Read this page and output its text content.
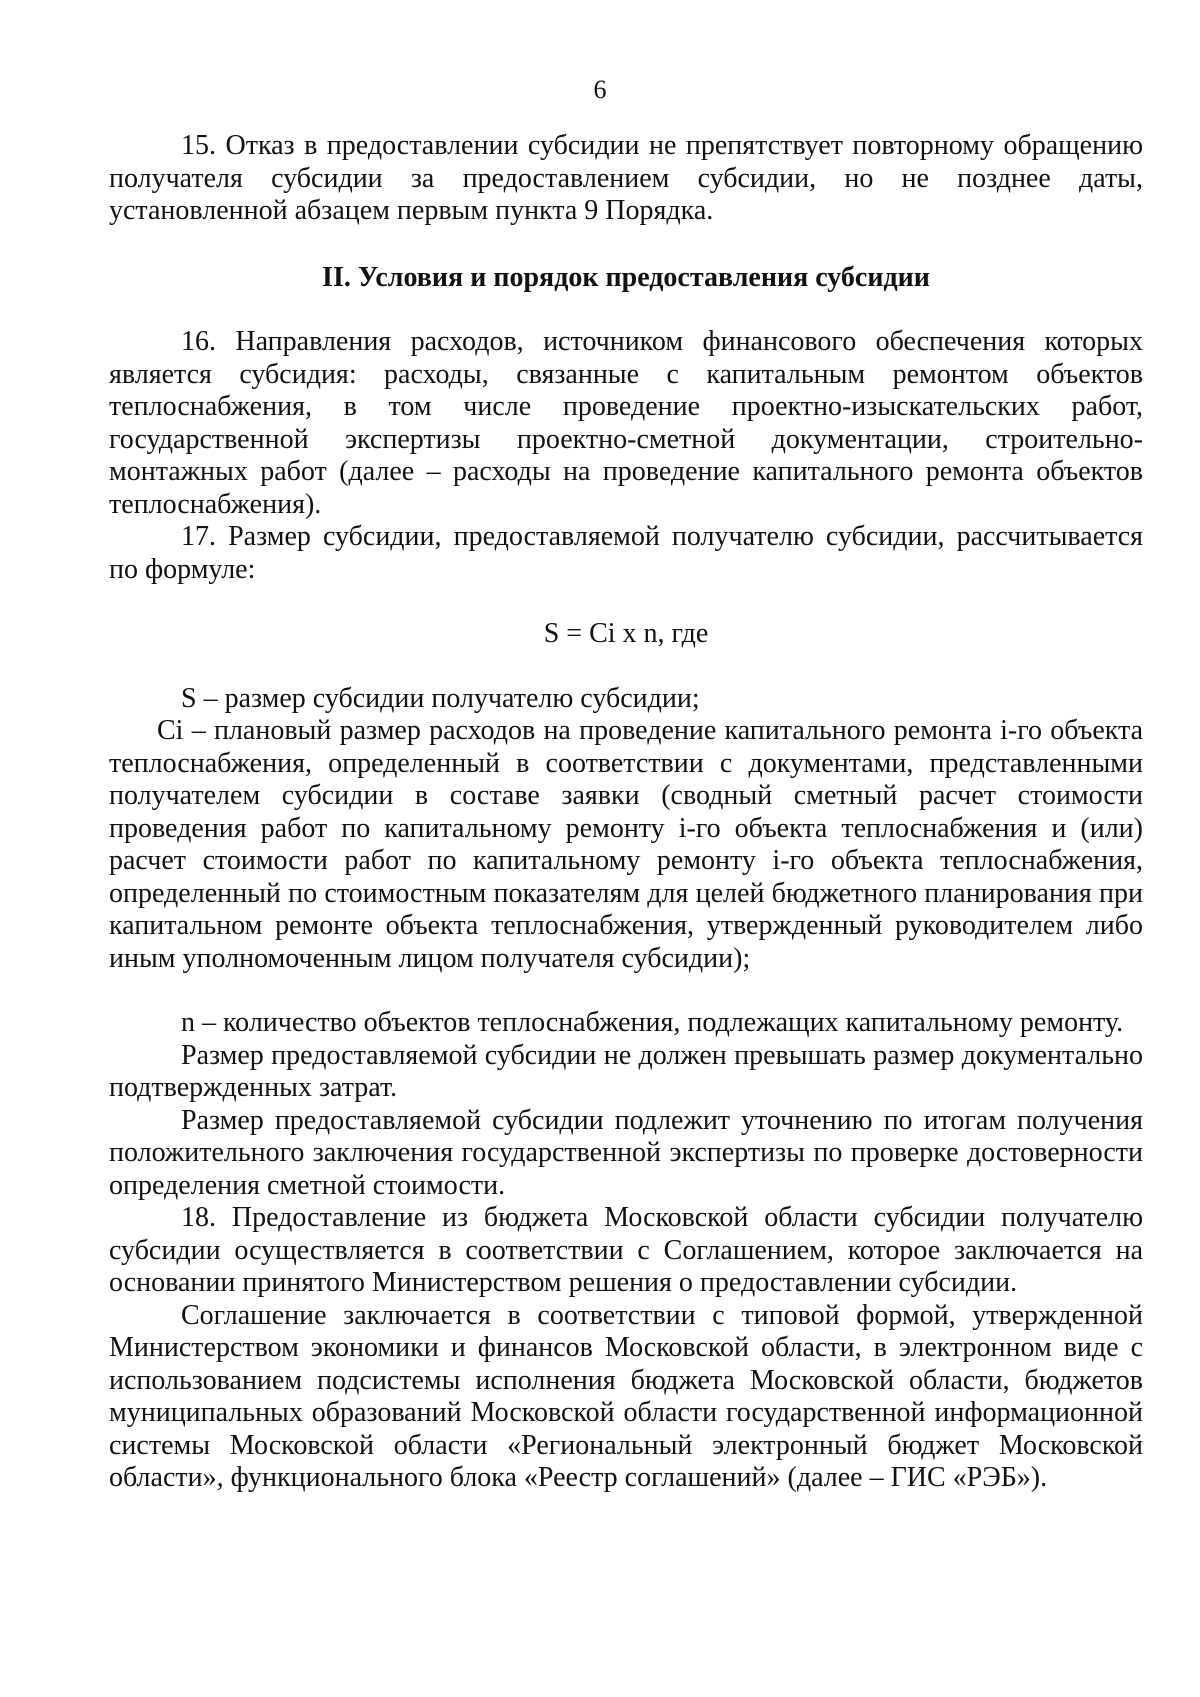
6

15. Отказ в предоставлении субсидии не препятствует повторному обращению получателя субсидии за предоставлением субсидии, но не позднее даты, установленной абзацем первым пункта 9 Порядка.

II. Условия и порядок предоставления субсидии

16. Направления расходов, источником финансового обеспечения которых является субсидия: расходы, связанные с капитальным ремонтом объектов теплоснабжения, в том числе проведение проектно-изыскательских работ, государственной экспертизы проектно-сметной документации, строительно-монтажных работ (далее – расходы на проведение капитального ремонта объектов теплоснабжения).

17. Размер субсидии, предоставляемой получателю субсидии, рассчитывается по формуле:

S = Ci x n, где

S – размер субсидии получателю субсидии;

Ci – плановый размер расходов на проведение капитального ремонта i-го объекта теплоснабжения, определенный в соответствии с документами, представленными получателем субсидии в составе заявки (сводный сметный расчет стоимости проведения работ по капитальному ремонту i-го объекта теплоснабжения и (или) расчет стоимости работ по капитальному ремонту i-го объекта теплоснабжения, определенный по стоимостным показателям для целей бюджетного планирования при капитальном ремонте объекта теплоснабжения, утвержденный руководителем либо иным уполномоченным лицом получателя субсидии);

n – количество объектов теплоснабжения, подлежащих капитальному ремонту.

Размер предоставляемой субсидии не должен превышать размер документально подтвержденных затрат.

Размер предоставляемой субсидии подлежит уточнению по итогам получения положительного заключения государственной экспертизы по проверке достоверности определения сметной стоимости.

18. Предоставление из бюджета Московской области субсидии получателю субсидии осуществляется в соответствии с Соглашением, которое заключается на основании принятого Министерством решения о предоставлении субсидии.

Соглашение заключается в соответствии с типовой формой, утвержденной Министерством экономики и финансов Московской области, в электронном виде с использованием подсистемы исполнения бюджета Московской области, бюджетов муниципальных образований Московской области государственной информационной системы Московской области «Региональный электронный бюджет Московской области», функционального блока «Реестр соглашений» (далее – ГИС «РЭБ»).
